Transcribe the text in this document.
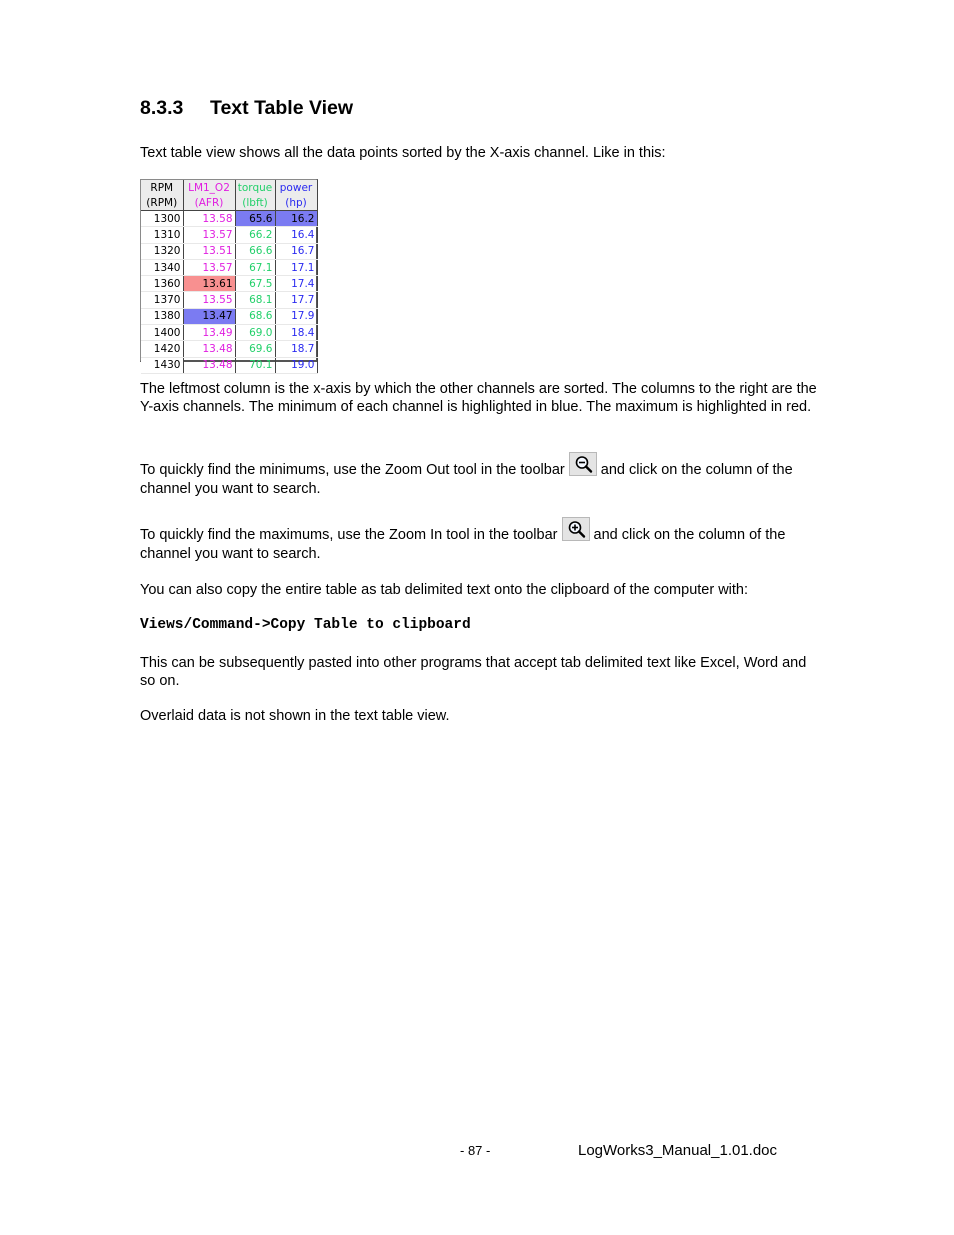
8.3.3 Text Table View
Text table view shows all the data points sorted by the X-axis channel. Like in this:
RPM	LM1_O2	torque	power
(RPM)	(AFR)	(lbft)	(hp)
1300	13.58	65.6	16.2
1310	13.57	66.2	16.4
1320	13.51	66.6	16.7
1340	13.57	67.1	17.1
1360	13.61	67.5	17.4
1370	13.55	68.1	17.7
1380	13.47	68.6	17.9
1400	13.49	69.0	18.4
1420	13.48	69.6	18.7
1430	13.48	70.1	19.0
The leftmost column is the x-axis by which the other channels are sorted. The columns to the right are the Y-axis channels. The minimum of each channel is highlighted in blue. The maximum is highlighted in red.
To quickly find the minimums, use the Zoom Out tool in the toolbar and click on the column of the channel you want to search.
To quickly find the maximums, use the Zoom In tool in the toolbar and click on the column of the channel you want to search.
You can also copy the entire table as tab delimited text onto the clipboard of the computer with:
Views/Command->Copy Table to clipboard
This can be subsequently pasted into other programs that accept tab delimited text like Excel, Word and so on.
Overlaid data is not shown in the text table view.
- 87 -	LogWorks3_Manual_1.01.doc
